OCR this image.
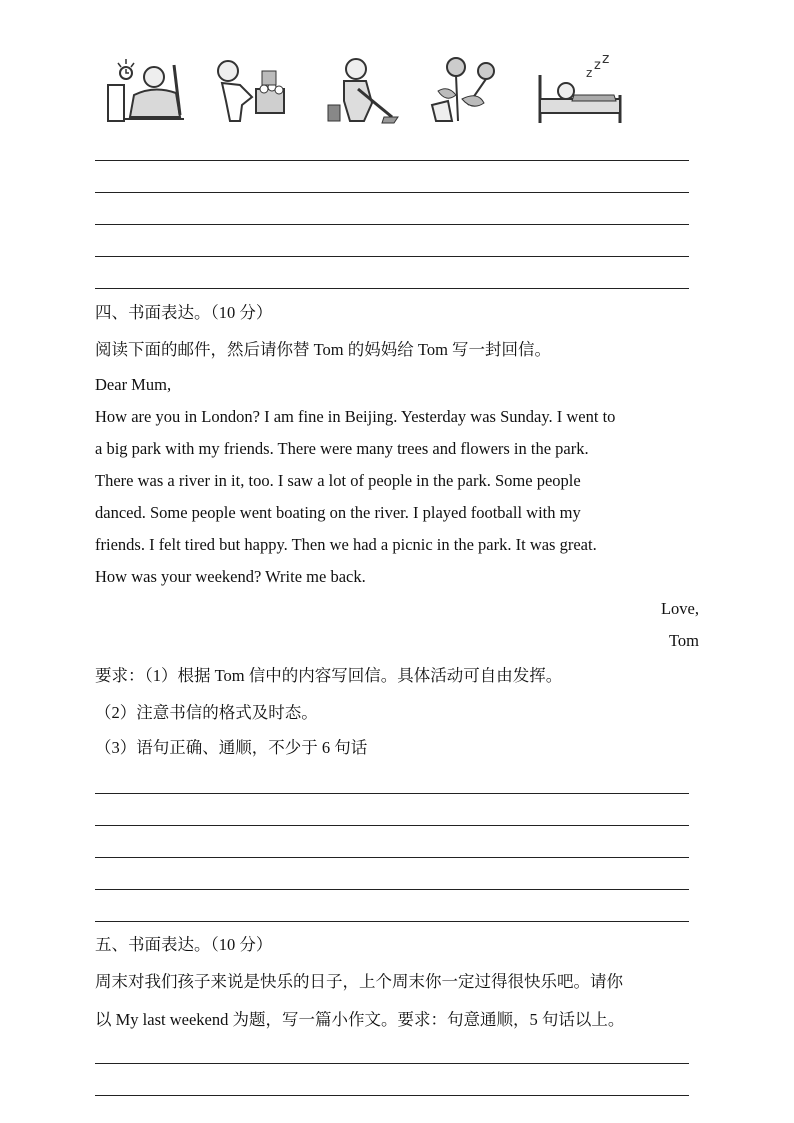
z z z
四、书面表达。（10 分）
阅读下面的邮件，然后请你替 Tom 的妈妈给 Tom 写一封回信。
Dear Mum,
How are you in London? I am fine in Beijing. Yesterday was Sunday. I went to
a big park with my friends. There were many trees and flowers in the park.
There was a river in it, too. I saw a lot of people in the park. Some people
danced. Some people went boating on the river. I played football with my
friends. I felt tired but happy. Then we had a picnic in the park. It was great.
How was your weekend? Write me back.
Love,
Tom
要求：（1）根据 Tom 信中的内容写回信。具体活动可自由发挥。
（2）注意书信的格式及时态。
（3）语句正确、通顺，不少于 6 句话
五、书面表达。（10 分）
周末对我们孩子来说是快乐的日子，上个周末你一定过得很快乐吧。请你
以 My last weekend 为题，写一篇小作文。要求：句意通顺，5 句话以上。
